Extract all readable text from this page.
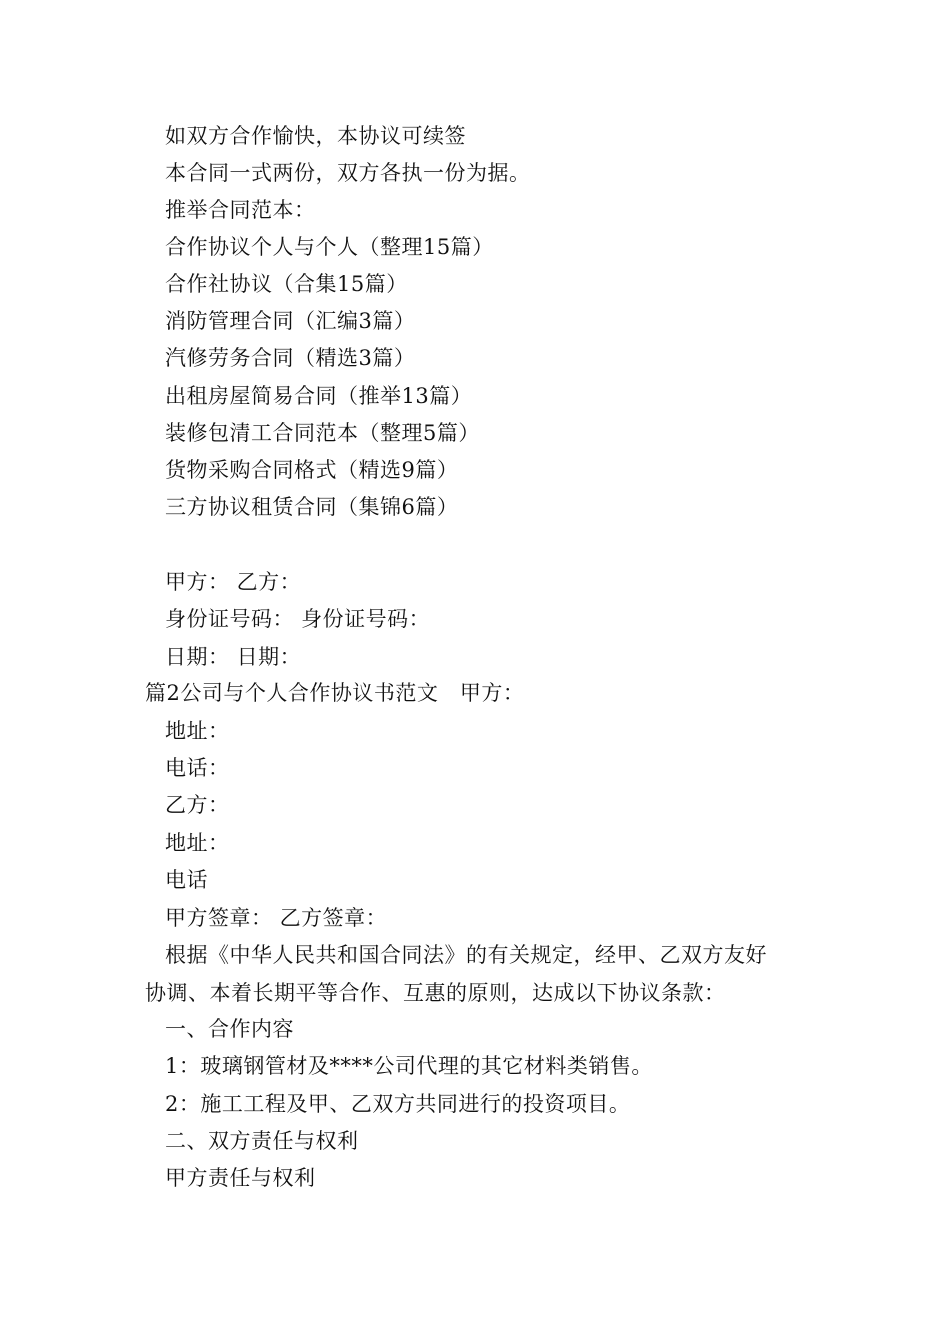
如双方合作愉快，本协议可续签
本合同一式两份，双方各执一份为据。
推举合同范本：
合作协议个人与个人（整理15篇）
合作社协议（合集15篇）
消防管理合同（汇编3篇）
汽修劳务合同（精选3篇）
出租房屋简易合同（推举13篇）
装修包清工合同范本（整理5篇）
货物采购合同格式（精选9篇）
三方协议租赁合同（集锦6篇）
甲方： 乙方：
身份证号码： 身份证号码：
日期： 日期：
篇2公司与个人合作协议书范文　甲方：
地址：
电话：
乙方：
地址：
电话
甲方签章： 乙方签章：
根据《中华人民共和国合同法》的有关规定，经甲、乙双方友好
协调、本着长期平等合作、互惠的原则，达成以下协议条款：
一、合作内容
1：玻璃钢管材及****公司代理的其它材料类销售。
2：施工工程及甲、乙双方共同进行的投资项目。
二、双方责任与权利
甲方责任与权利
